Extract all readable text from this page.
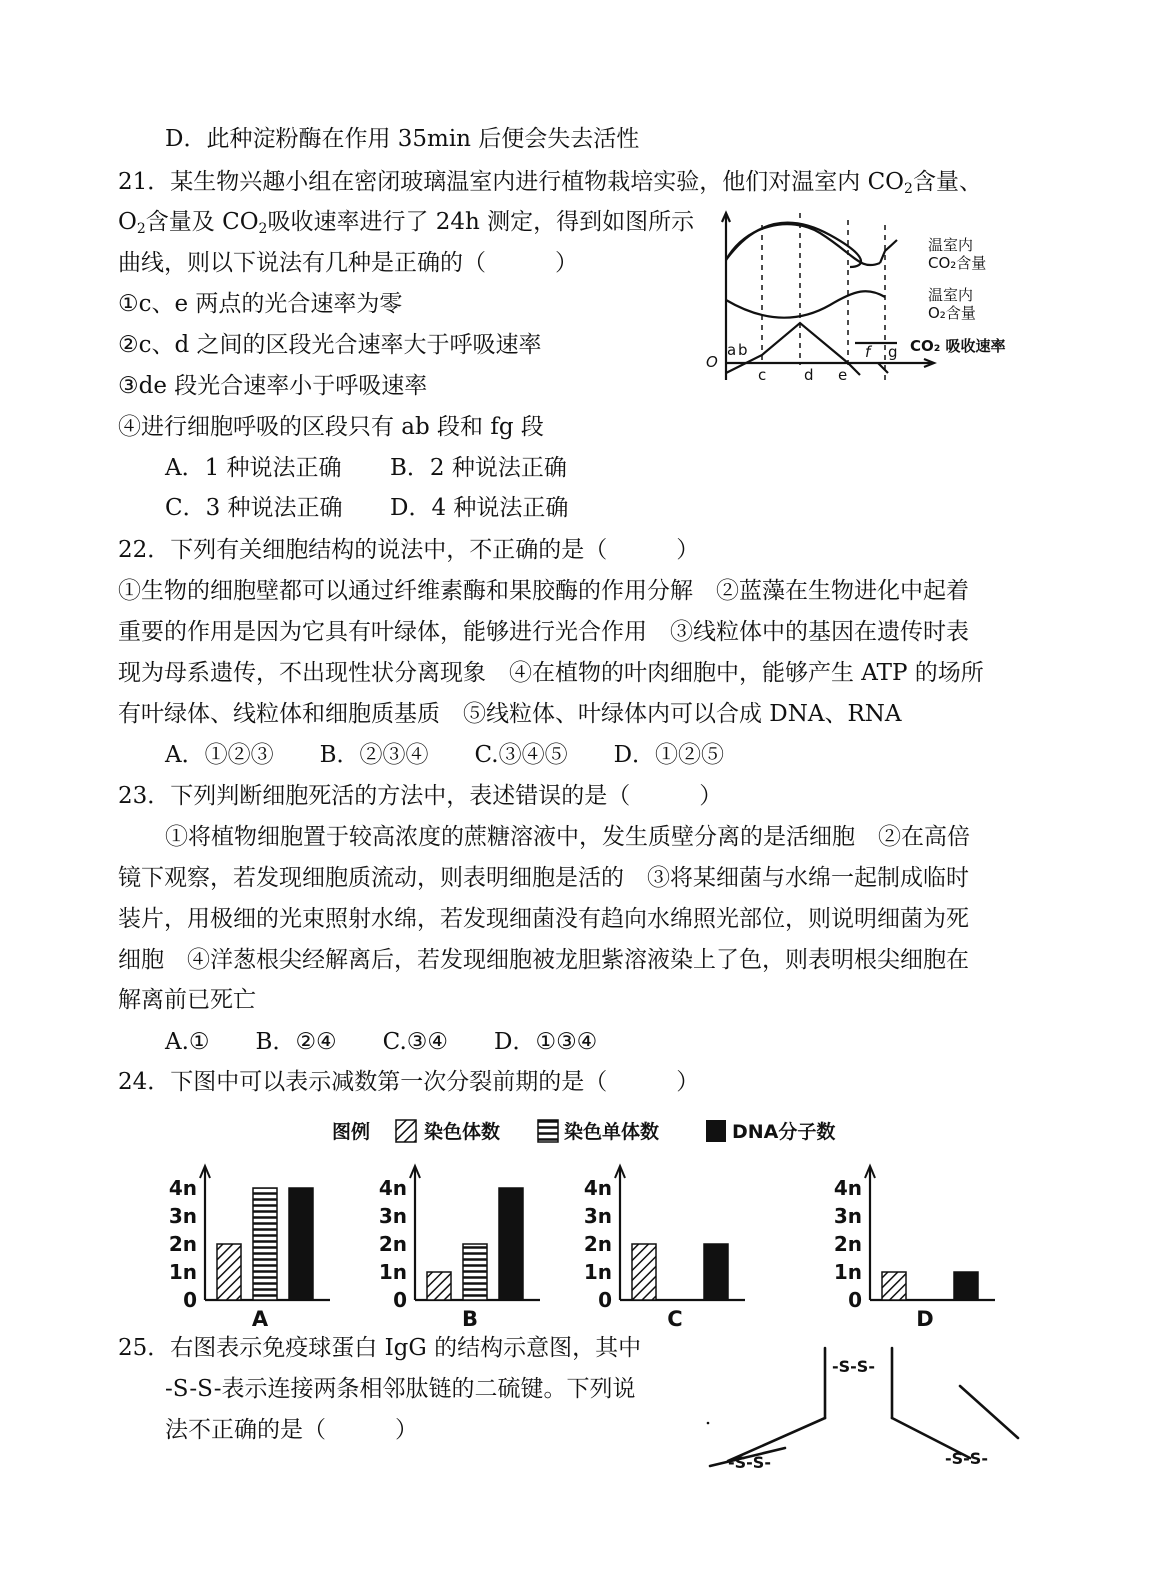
D．此种淀粉酶在作用 35min 后便会失去活性
21．某生物兴趣小组在密闭玻璃温室内进行植物栽培实验，他们对温室内 $CO_2$含量、
$O_2$含量及 $CO_2$吸收速率进行了 24h 测定，得到如图所示
曲线，则以下说法有几种是正确的（　　　）
①c、e 两点的光合速率为零
②c、d 之间的区段光合速率大于呼吸速率
③de 段光合速率小于呼吸速率
④进行细胞呼吸的区段只有 ab 段和 fg 段
A．1 种说法正确 B．2 种说法正确
C．3 种说法正确 D．4 种说法正确
温室内
CO₂含量
温室内
O₂含量
CO₂ 吸收速率
O
a b
c	d e
f g
22．下列有关细胞结构的说法中，不正确的是（　　　）
①生物的细胞壁都可以通过纤维素酶和果胶酶的作用分解　②蓝藻在生物进化中起着
重要的作用是因为它具有叶绿体，能够进行光合作用　③线粒体中的基因在遗传时表
现为母系遗传，不出现性状分离现象　④在植物的叶肉细胞中，能够产生 ATP 的场所
有叶绿体、线粒体和细胞质基质　⑤线粒体、叶绿体内可以合成 DNA、RNA
A．①②③　　B．②③④　　C.③④⑤　　D．①②⑤
23．下列判断细胞死活的方法中，表述错误的是（　　　）
①将植物细胞置于较高浓度的蔗糖溶液中，发生质壁分离的是活细胞　②在高倍
镜下观察，若发现细胞质流动，则表明细胞是活的　③将某细菌与水绵一起制成临时
装片，用极细的光束照射水绵，若发现细菌没有趋向水绵照光部位，则说明细菌为死
细胞　④洋葱根尖经解离后，若发现细胞被龙胆紫溶液染上了色，则表明根尖细胞在
解离前已死亡
A.①　　B．②④　　C.③④　　D．①③④
24．下图中可以表示减数第一次分裂前期的是（　　　）
图例	染色体数	染色单体数	DNA分子数
0
1n
2n
3n
4n
A
0
1n
2n
3n
4n
B
0
1n
2n
3n
4n
C
0
1n
2n
3n
4n
D
25．右图表示免疫球蛋白 IgG 的结构示意图，其中
-S-S-表示连接两条相邻肽链的二硫键。下列说
法不正确的是（　　　）
-S-S-
-S-S-	-S-S-
